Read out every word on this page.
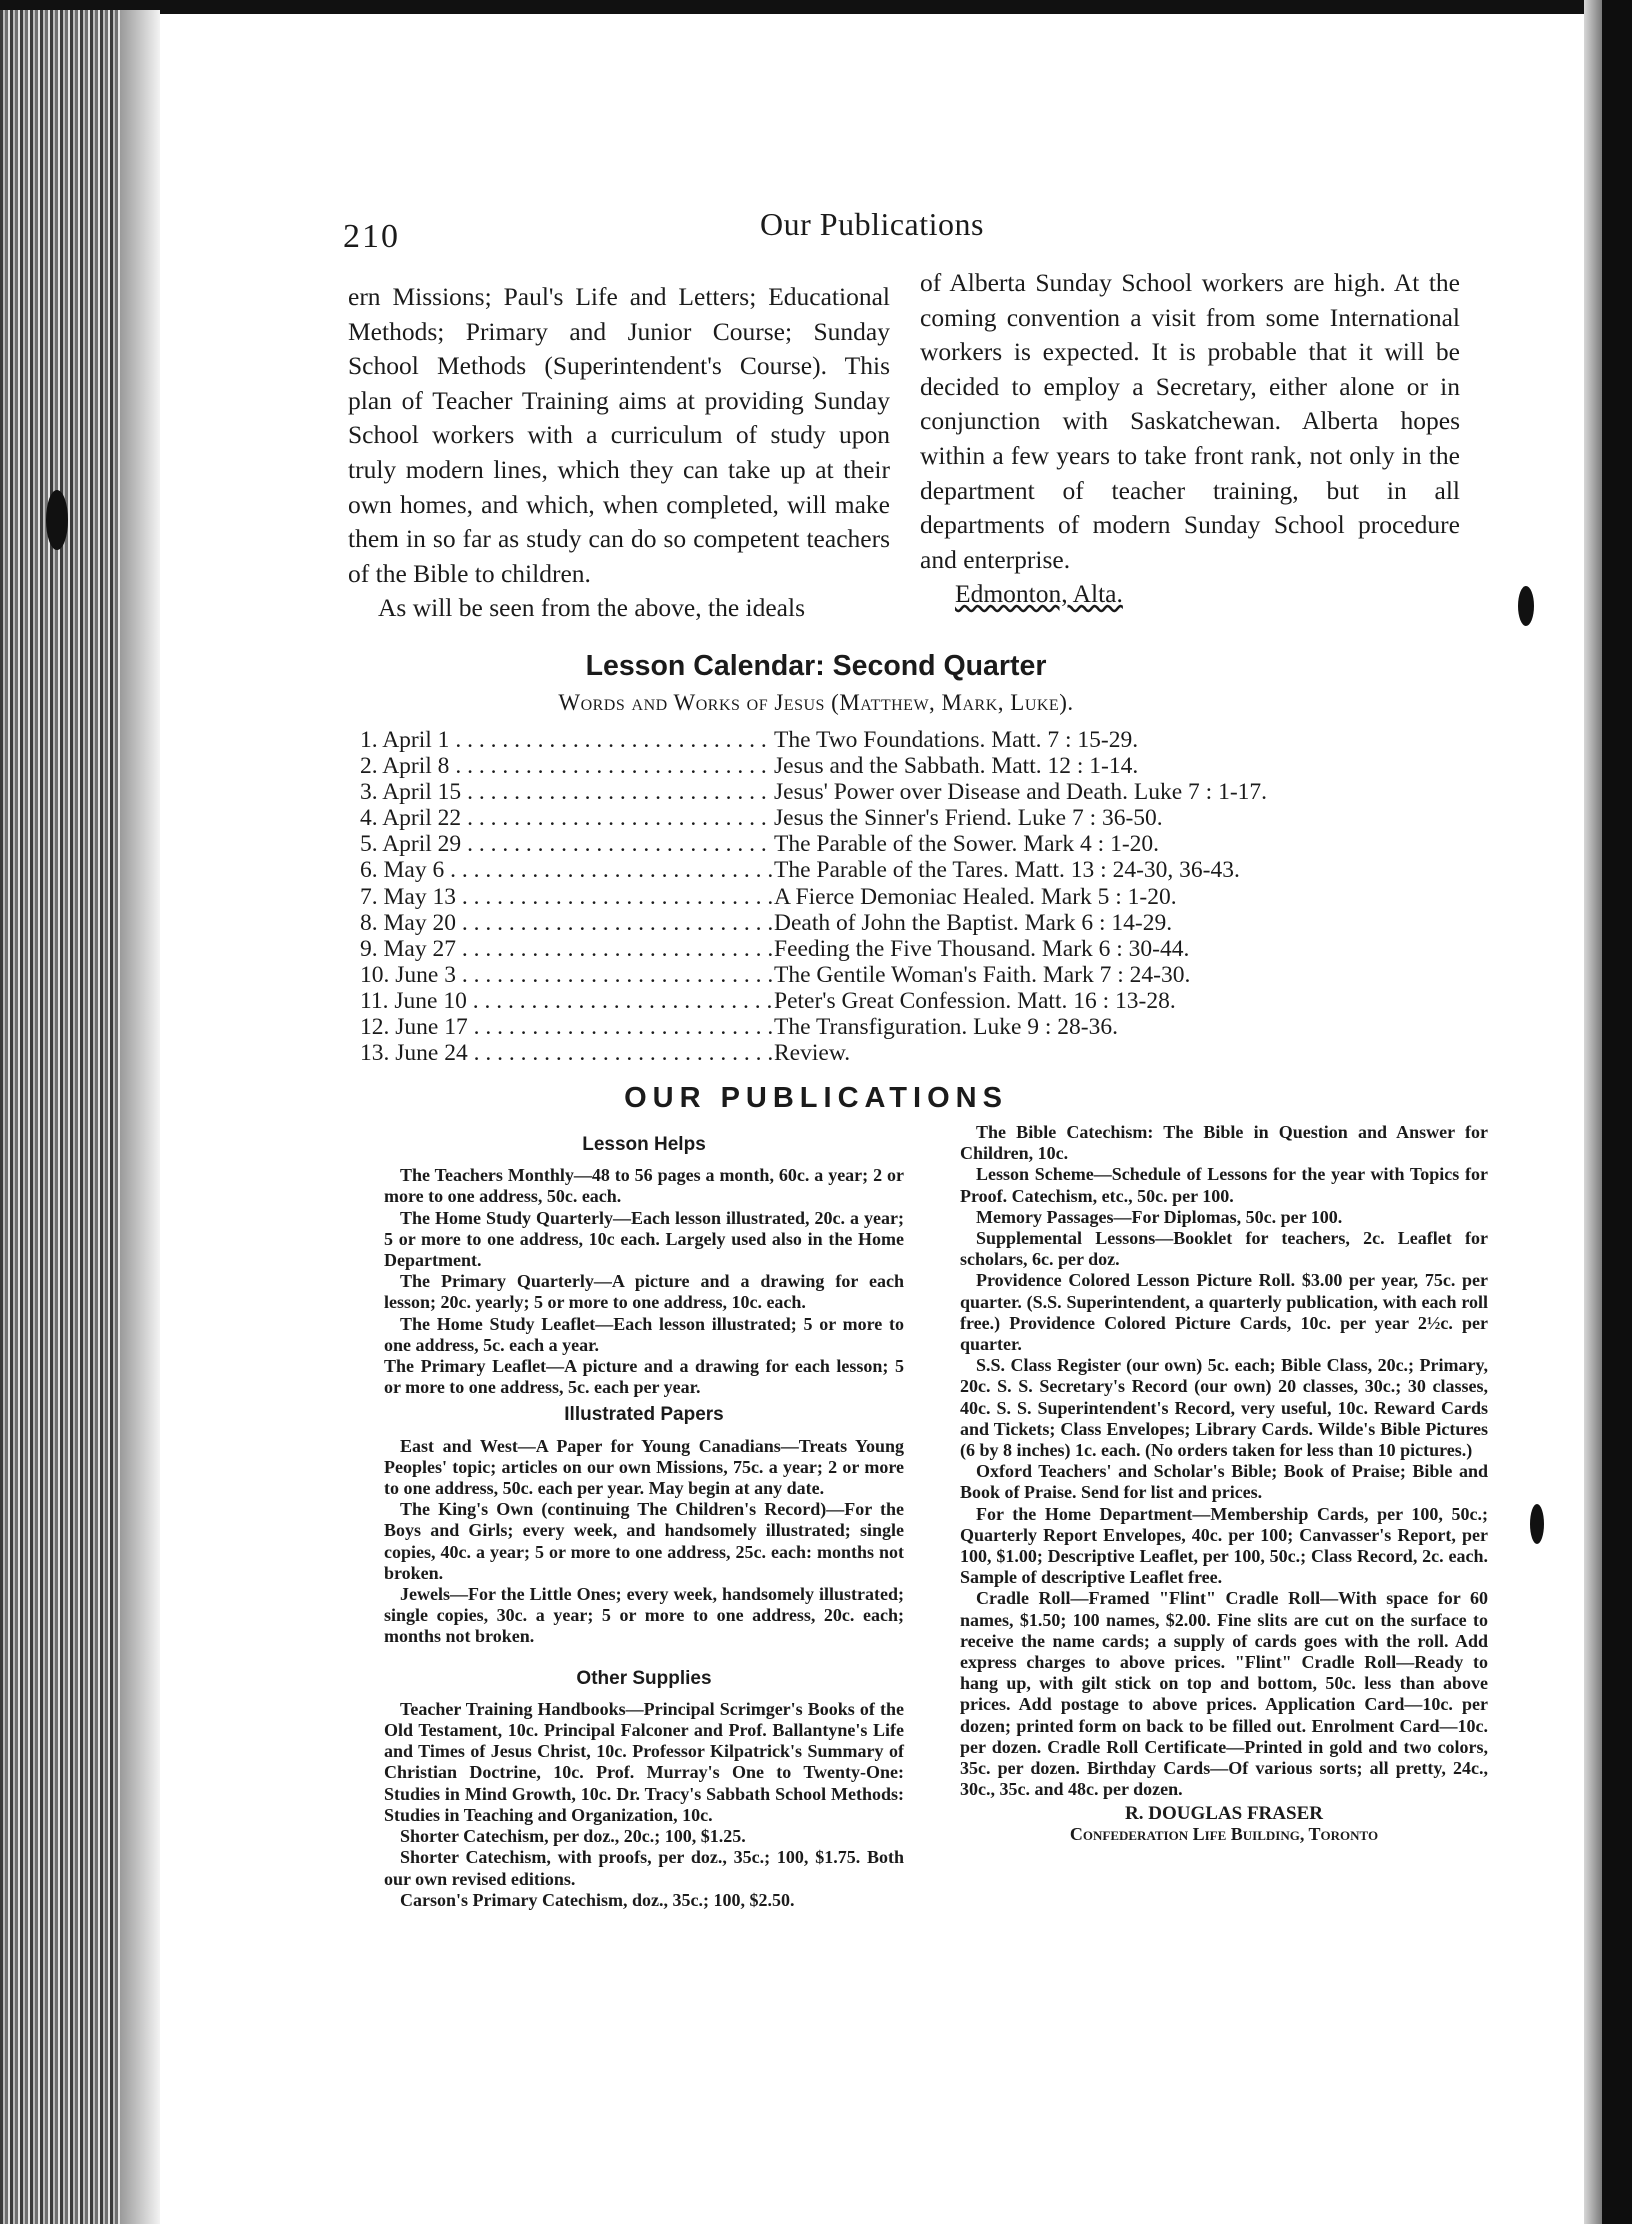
210	Our Publications
ern Missions; Paul's Life and Letters; Educational Methods; Primary and Junior Course; Sunday School Methods (Superintendent's Course). This plan of Teacher Training aims at providing Sunday School workers with a curriculum of study upon truly modern lines, which they can take up at their own homes, and which, when completed, will make them in so far as study can do so competent teachers of the Bible to children.
As will be seen from the above, the ideals
of Alberta Sunday School workers are high. At the coming convention a visit from some International workers is expected. It is probable that it will be decided to employ a Secretary, either alone or in conjunction with Saskatchewan. Alberta hopes within a few years to take front rank, not only in the department of teacher training, but in all departments of modern Sunday School procedure and enterprise.
Edmonton, Alta.
Lesson Calendar: Second Quarter
Words and Works of Jesus (Matthew, Mark, Luke).
1. April 1 . . .	The Two Foundations. Matt. 7 : 15-29.
2. April 8 . . .	Jesus and the Sabbath. Matt. 12 : 1-14.
3. April 15 . . .	Jesus' Power over Disease and Death. Luke 7 : 1-17.
4. April 22 . . .	Jesus the Sinner's Friend. Luke 7 : 36-50.
5. April 29 . . .	The Parable of the Sower. Mark 4 : 1-20.
6. May 6 . . .	The Parable of the Tares. Matt. 13 : 24-30, 36-43.
7. May 13 . . .	A Fierce Demoniac Healed. Mark 5 : 1-20.
8. May 20 . . .	Death of John the Baptist. Mark 6 : 14-29.
9. May 27 . . .	Feeding the Five Thousand. Mark 6 : 30-44.
10. June 3 . . .	The Gentile Woman's Faith. Mark 7 : 24-30.
11. June 10 . . .	Peter's Great Confession. Matt. 16 : 13-28.
12. June 17 . . .	The Transfiguration. Luke 9 : 28-36.
13. June 24 . . .	Review.
OUR PUBLICATIONS
Lesson Helps

The Teachers Monthly—48 to 56 pages a month, 60c. a year; 2 or more to one address, 50c. each.

The Home Study Quarterly—Each lesson illustrated, 20c. a year; 5 or more to one address, 10c each. Largely used also in the Home Department.

The Primary Quarterly—A picture and a drawing for each lesson; 20c. yearly; 5 or more to one address, 10c. each.

The Home Study Leaflet—Each lesson illustrated; 5 or more to one address, 5c. each a year.

The Primary Leaflet—A picture and a drawing for each lesson; 5 or more to one address, 5c. each per year.

Illustrated Papers

East and West—A Paper for Young Canadians—Treats Young Peoples' topic; articles on our own Missions, 75c. a year; 2 or more to one address, 50c. each per year. May begin at any date.

The King's Own (continuing The Children's Record)—For the Boys and Girls; every week, and handsomely illustrated; single copies, 40c. a year; 5 or more to one address, 25c. each: months not broken.

Jewels—For the Little Ones; every week, handsomely illustrated; single copies, 30c. a year; 5 or more to one address, 20c. each; months not broken.

Other Supplies

Teacher Training Handbooks—Principal Scrimger's Books of the Old Testament, 10c. Principal Falconer and Prof. Ballantyne's Life and Times of Jesus Christ, 10c. Professor Kilpatrick's Summary of Christian Doctrine, 10c. Prof. Murray's One to Twenty-One: Studies in Mind Growth, 10c. Dr. Tracy's Sabbath School Methods: Studies in Teaching and Organization, 10c.

Shorter Catechism, per doz., 20c.; 100, $1.25.

Shorter Catechism, with proofs, per doz., 35c.; 100, $1.75. Both our own revised editions.

Carson's Primary Catechism, doz., 35c.; 100, $2.50.

The Bible Catechism: The Bible in Question and Answer for Children, 10c.

Lesson Scheme—Schedule of Lessons for the year with Topics for Proof. Catechism, etc., 50c. per 100.

Memory Passages—For Diplomas, 50c. per 100.

Supplemental Lessons—Booklet for teachers, 2c. Leaflet for scholars, 6c. per doz.

Providence Colored Lesson Picture Roll. $3.00 per year, 75c. per quarter. (S.S. Superintendent, a quarterly publication, with each roll free.) Providence Colored Picture Cards, 10c. per year 2½c. per quarter.

S.S. Class Register (our own) 5c. each; Bible Class, 20c.; Primary, 20c. S. S. Secretary's Record (our own) 20 classes, 30c.; 30 classes, 40c. S. S. Superintendent's Record, very useful, 10c. Reward Cards and Tickets; Class Envelopes; Library Cards. Wilde's Bible Pictures (6 by 8 inches) 1c. each. (No orders taken for less than 10 pictures.)

Oxford Teachers' and Scholar's Bible; Book of Praise; Bible and Book of Praise. Send for list and prices.

For the Home Department—Membership Cards, per 100, 50c.; Quarterly Report Envelopes, 40c. per 100; Canvasser's Report, per 100, $1.00; Descriptive Leaflet, per 100, 50c.; Class Record, 2c. each. Sample of descriptive Leaflet free.

Cradle Roll—Framed "Flint" Cradle Roll—With space for 60 names, $1.50; 100 names, $2.00. Fine slits are cut on the surface to receive the name cards; a supply of cards goes with the roll. Add express charges to above prices. "Flint" Cradle Roll—Ready to hang up, with gilt stick on top and bottom, 50c. less than above prices. Add postage to above prices. Application Card—10c. per dozen; printed form on back to be filled out. Enrolment Card—10c. per dozen. Cradle Roll Certificate—Printed in gold and two colors, 35c. per dozen. Birthday Cards—Of various sorts; all pretty, 24c., 30c., 35c. and 48c. per dozen.

R. DOUGLAS FRASER
Confederation Life Building, Toronto
